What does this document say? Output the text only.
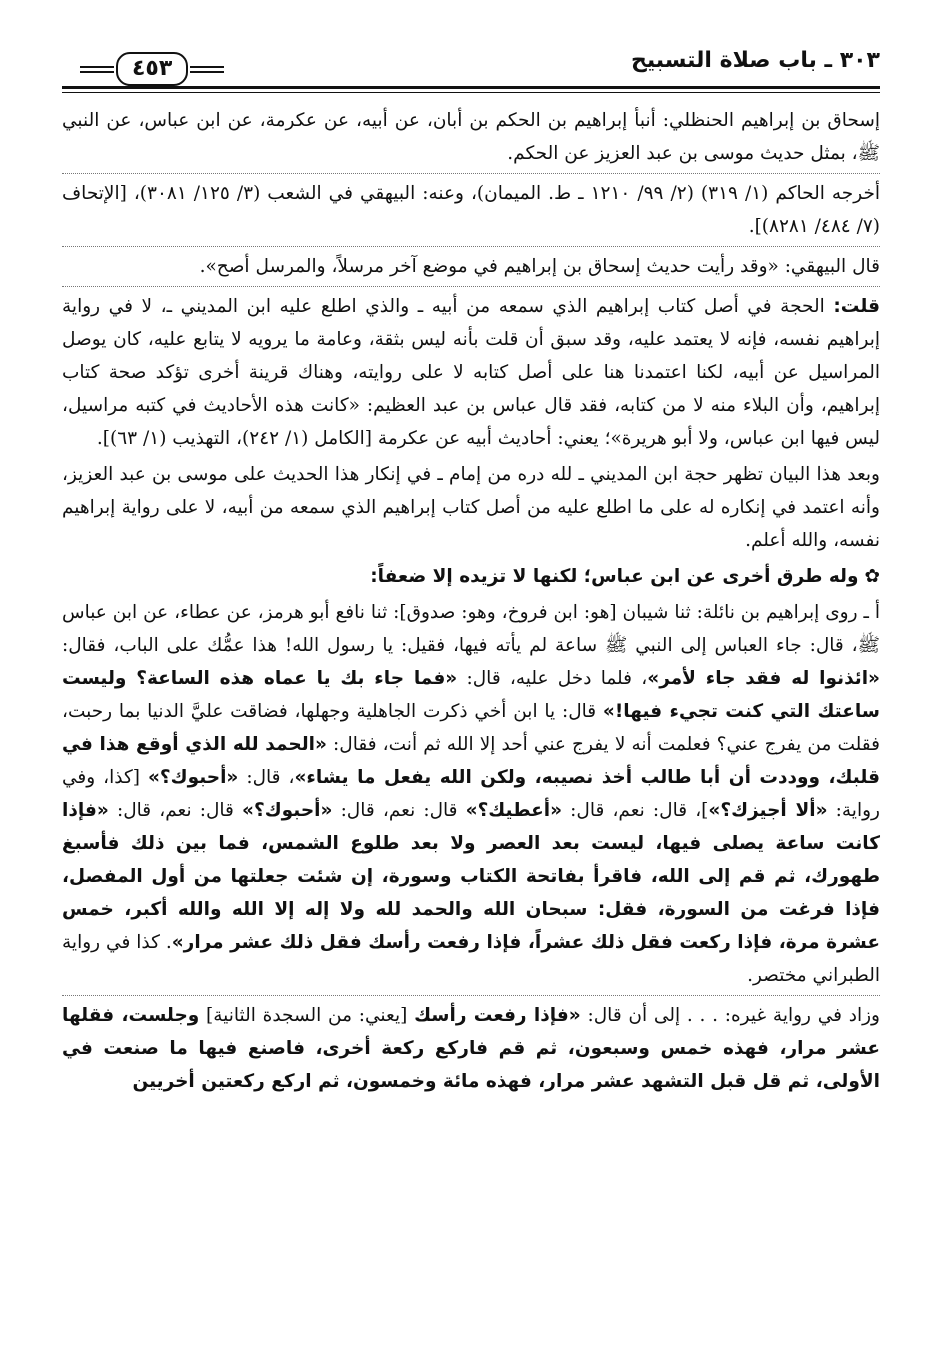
٣٠٣ ـ باب صلاة التسبيح
٤٥٣

إسحاق بن إبراهيم الحنظلي: أنبأ إبراهيم بن الحكم بن أبان، عن أبيه، عن عكرمة، عن ابن عباس، عن النبي ﷺ، بمثل حديث موسى بن عبد العزيز عن الحكم.

أخرجه الحاكم (١/ ٣١٩) (٢/ ٩٩/ ١٢١٠ ـ ط. الميمان)، وعنه: البيهقي في الشعب (٣/ ١٢٥/ ٣٠٨١)، [الإتحاف (٧/ ٤٨٤/ ٨٢٨١)].

قال البيهقي: «وقد رأيت حديث إسحاق بن إبراهيم في موضع آخر مرسلاً، والمرسل أصح».

قلت: الحجة في أصل كتاب إبراهيم الذي سمعه من أبيه ـ والذي اطلع عليه ابن المديني ـ، لا في رواية إبراهيم نفسه، فإنه لا يعتمد عليه، وقد سبق أن قلت بأنه ليس بثقة، وعامة ما يرويه لا يتابع عليه، كان يوصل المراسيل عن أبيه، لكنا اعتمدنا هنا على أصل كتابه لا على روايته، وهناك قرينة أخرى تؤكد صحة كتاب إبراهيم، وأن البلاء منه لا من كتابه، فقد قال عباس بن عبد العظيم: «كانت هذه الأحاديث في كتبه مراسيل، ليس فيها ابن عباس، ولا أبو هريرة»؛ يعني: أحاديث أبيه عن عكرمة [الكامل (١/ ٢٤٢)، التهذيب (١/ ٦٣)].

وبعد هذا البيان تظهر حجة ابن المديني ـ لله دره من إمام ـ في إنكار هذا الحديث على موسى بن عبد العزيز، وأنه اعتمد في إنكاره له على ما اطلع عليه من أصل كتاب إبراهيم الذي سمعه من أبيه، لا على رواية إبراهيم نفسه، والله أعلم.

✿وله طرق أخرى عن ابن عباس؛ لكنها لا تزيده إلا ضعفاً:

أ ـ روى إبراهيم بن نائلة: ثنا شيبان [هو: ابن فروخ، وهو: صدوق]: ثنا نافع أبو هرمز، عن عطاء، عن ابن عباس ﷺ، قال: جاء العباس إلى النبي ﷺ ساعة لم يأته فيها، فقيل: يا رسول الله! هذا عمُّك على الباب، فقال: «ائذنوا له فقد جاء لأمر»، فلما دخل عليه، قال: «فما جاء بك يا عماه هذه الساعة؟ وليست ساعتك التي كنت تجيء فيها!» قال: يا ابن أخي ذكرت الجاهلية وجهلها، فضاقت عليَّ الدنيا بما رحبت، فقلت من يفرج عني؟ فعلمت أنه لا يفرج عني أحد إلا الله ثم أنت، فقال: «الحمد لله الذي أوقع هذا في قلبك، ووددت أن أبا طالب أخذ نصيبه، ولكن الله يفعل ما يشاء»، قال: «أحبوك؟» [كذا، وفي رواية: «ألا أجيزك؟»]، قال: نعم، قال: «أعطيك؟» قال: نعم، قال: «أحبوك؟» قال: نعم، قال: «فإذا كانت ساعة يصلى فيها، ليست بعد العصر ولا بعد طلوع الشمس، فما بين ذلك فأسبغ طهورك، ثم قم إلى الله، فاقرأ بفاتحة الكتاب وسورة، إن شئت جعلتها من أول المفصل، فإذا فرغت من السورة، فقل: سبحان الله والحمد لله ولا إله إلا الله والله أكبر، خمس عشرة مرة، فإذا ركعت فقل ذلك عشراً، فإذا رفعت رأسك فقل ذلك عشر مرار». كذا في رواية الطبراني مختصر.

وزاد في رواية غيره: . . . إلى أن قال: «فإذا رفعت رأسك [يعني: من السجدة الثانية] وجلست، فقلها عشر مرار، فهذه خمس وسبعون، ثم قم فاركع ركعة أخرى، فاصنع فيها ما صنعت في الأولى، ثم قل قبل التشهد عشر مرار، فهذه مائة وخمسون، ثم اركع ركعتين أخريين
